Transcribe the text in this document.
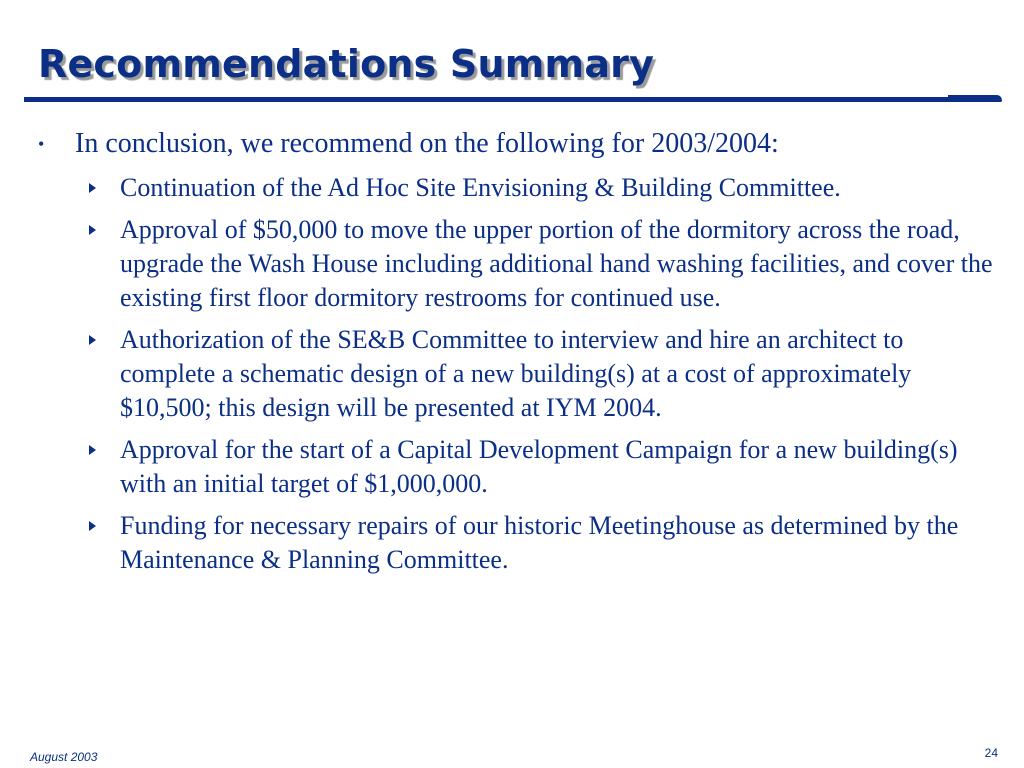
Recommendations Summary
• In conclusion, we recommend on the following for 2003/2004:
Continuation of the Ad Hoc Site Envisioning & Building Committee.
Approval of $50,000 to move the upper portion of the dormitory across the road, upgrade the Wash House including additional hand washing facilities, and cover the existing first floor dormitory restrooms for continued use.
Authorization of the SE&B Committee to interview and hire an architect to complete a schematic design of a new building(s) at a cost of approximately $10,500; this design will be presented at IYM 2004.
Approval for the start of a Capital Development Campaign for a new building(s) with an initial target of $1,000,000.
Funding for necessary repairs of our historic Meetinghouse as determined by the Maintenance & Planning Committee.
August 2003	24
